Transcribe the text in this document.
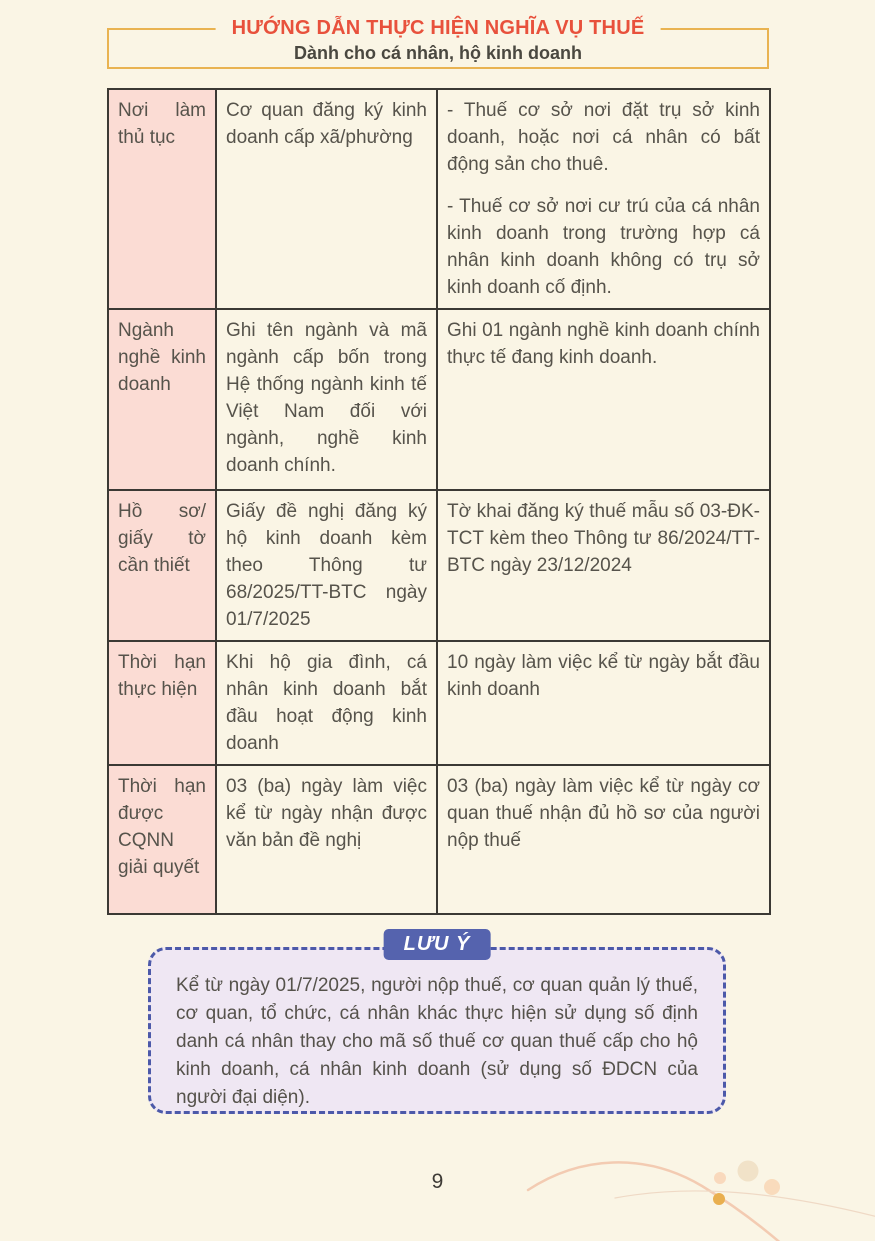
HƯỚNG DẪN THỰC HIỆN NGHĨA VỤ THUẾ
Dành cho cá nhân, hộ kinh doanh

Nơi làm thủ tục	Cơ quan đăng ký kinh doanh cấp xã/phường	- Thuế cơ sở nơi đặt trụ sở kinh doanh, hoặc nơi cá nhân có bất động sản cho thuê.

- Thuế cơ sở nơi cư trú của cá nhân kinh doanh trong trường hợp cá nhân kinh doanh không có trụ sở kinh doanh cố định.

Ngành nghề kinh doanh	Ghi tên ngành và mã ngành cấp bốn trong Hệ thống ngành kinh tế Việt Nam đối với ngành, nghề kinh doanh chính.	Ghi 01 ngành nghề kinh doanh chính thực tế đang kinh doanh.

Hồ sơ/ giấy tờ cần thiết	Giấy đề nghị đăng ký hộ kinh doanh kèm theo Thông tư 68/2025/TT-BTC ngày 01/7/2025	Tờ khai đăng ký thuế mẫu số 03-ĐK-TCT kèm theo Thông tư 86/2024/TT-BTC ngày 23/12/2024

Thời hạn thực hiện	Khi hộ gia đình, cá nhân kinh doanh bắt đầu hoạt động kinh doanh	10 ngày làm việc kể từ ngày bắt đầu kinh doanh

Thời hạn được CQNN giải quyết	03 (ba) ngày làm việc kể từ ngày nhận được văn bản đề nghị	03 (ba) ngày làm việc kể từ ngày cơ quan thuế nhận đủ hồ sơ của người nộp thuế

LƯU Ý

Kể từ ngày 01/7/2025, người nộp thuế, cơ quan quản lý thuế, cơ quan, tổ chức, cá nhân khác thực hiện sử dụng số định danh cá nhân thay cho mã số thuế cơ quan thuế cấp cho hộ kinh doanh, cá nhân kinh doanh (sử dụng số ĐDCN của người đại diện).

9
